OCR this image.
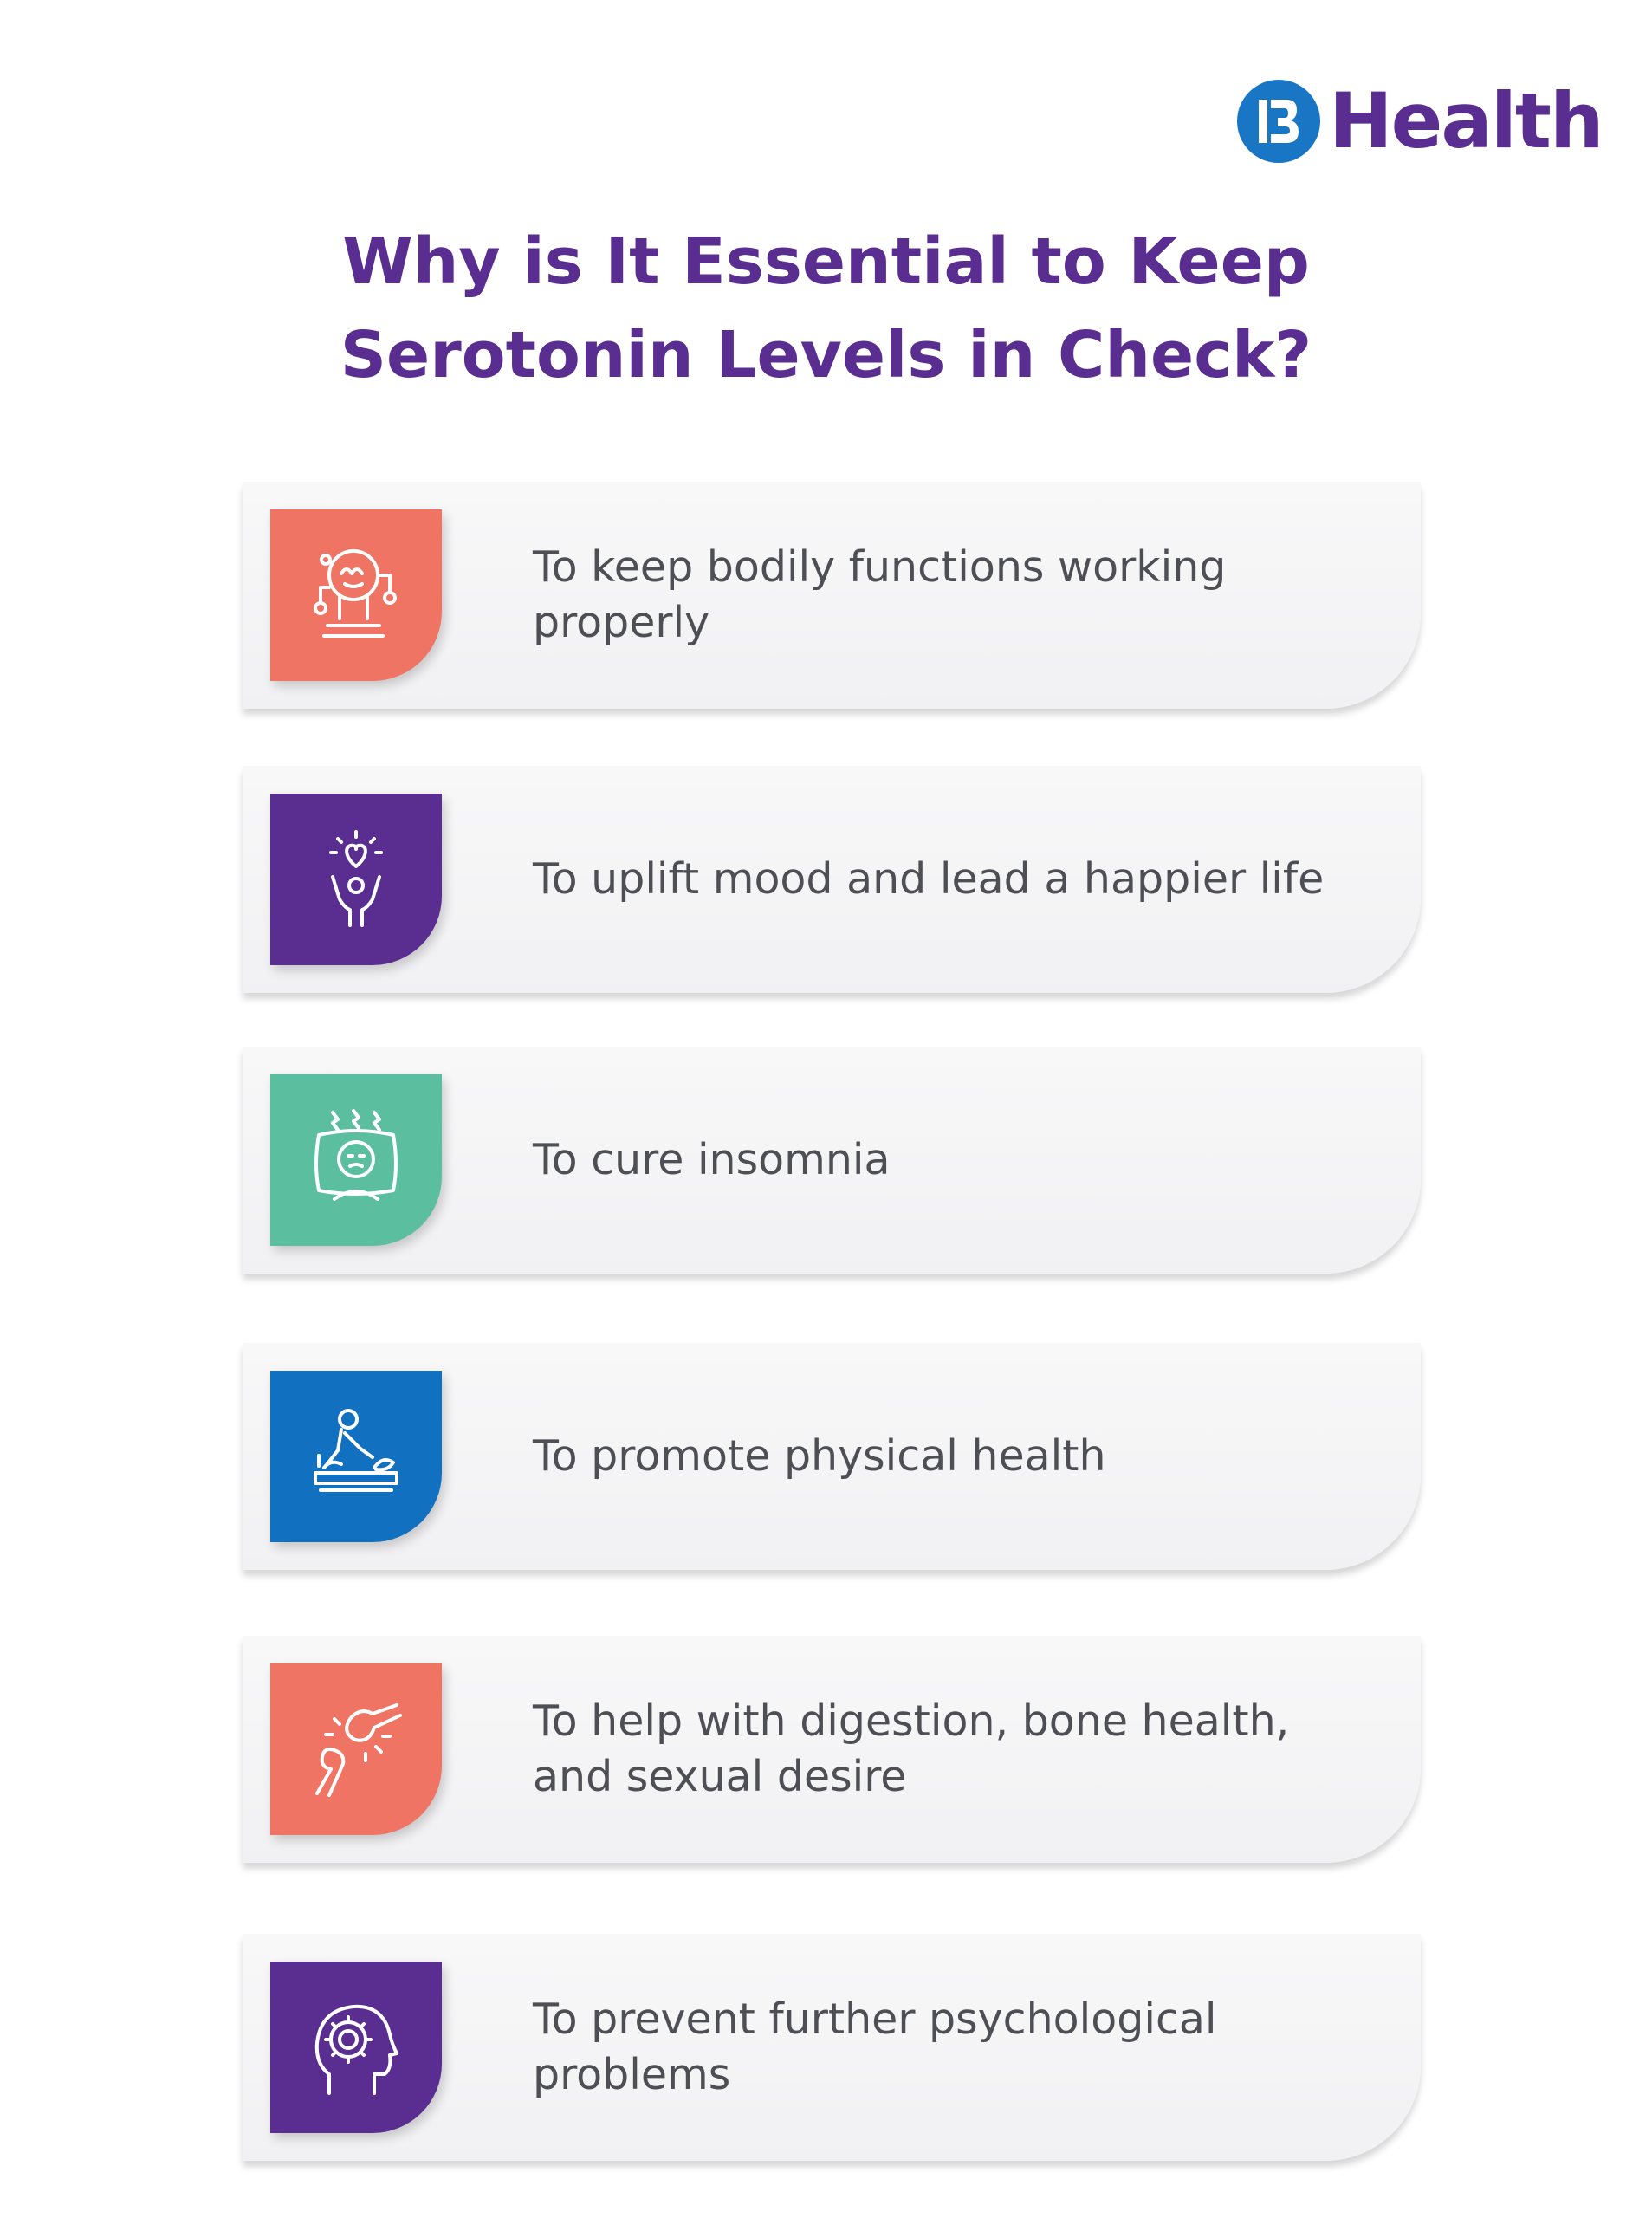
Health
Why is It Essential to Keep
Serotonin Levels in Check?
To keep bodily functions working properly
To uplift mood and lead a happier life
To cure insomnia
To promote physical health
To help with digestion, bone health, and sexual desire
To prevent further psychological problems
